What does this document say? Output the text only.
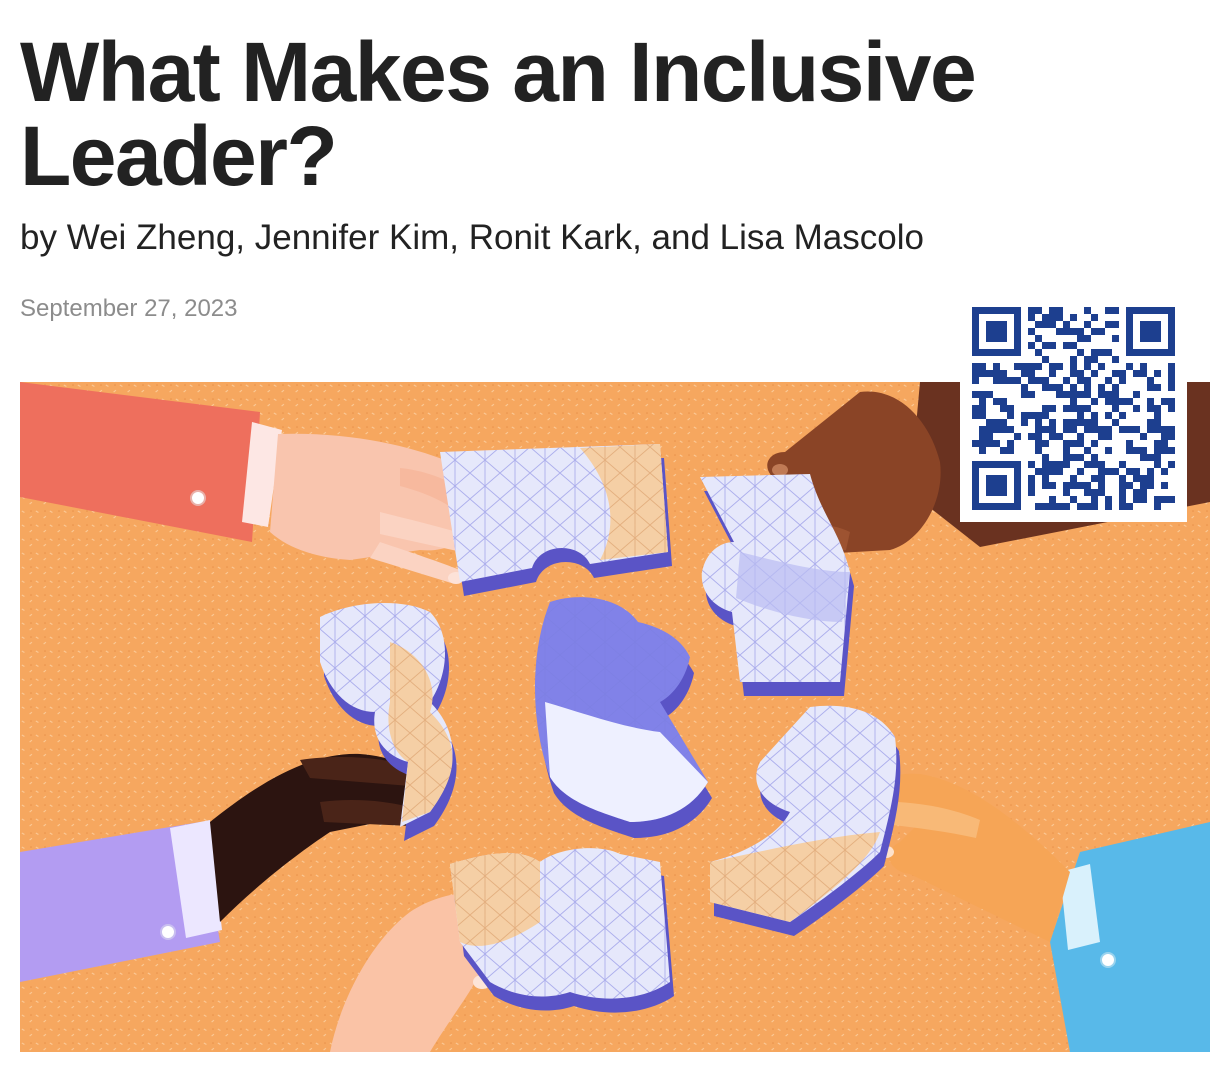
What Makes an Inclusive
Leader?

by Wei Zheng, Jennifer Kim, Ronit Kark, and Lisa Mascolo

September 27, 2023
